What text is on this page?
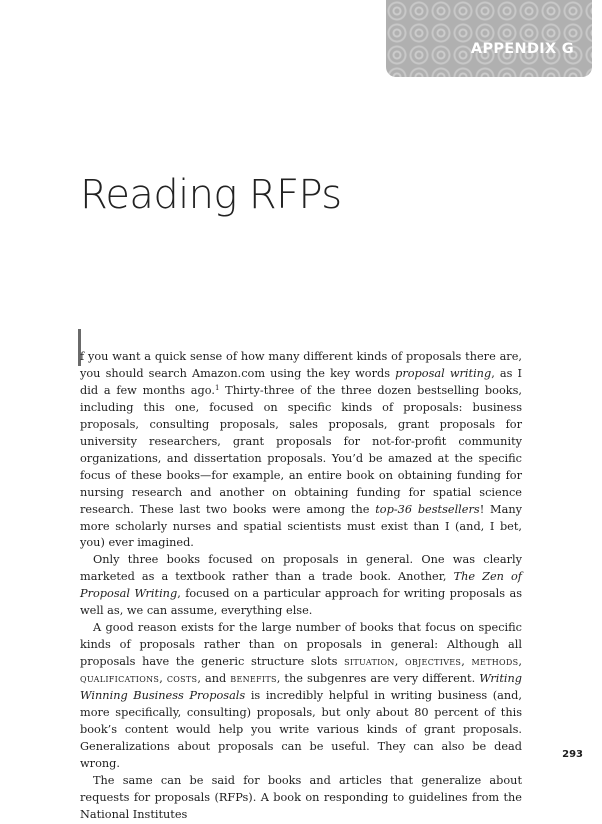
APPENDIX G
Reading RFPs

f you want a quick sense of how many different kinds of proposals there are, you should search Amazon.com using the key words proposal writing, as I did a few months ago.$^1$ Thirty-three of the three dozen bestselling books, including this one, focused on specific kinds of proposals: business proposals, consulting proposals, sales proposals, grant proposals for university researchers, grant proposals for not-for-profit community organizations, and dissertation proposals. You’d be amazed at the specific focus of these books—for example, an entire book on obtaining funding for nursing research and another on obtaining funding for spatial science research. These last two books were among the top-36 bestsellers! Many more scholarly nurses and spatial scientists must exist than I (and, I bet, you) ever imagined.

Only three books focused on proposals in general. One was clearly marketed as a textbook rather than a trade book. Another, The Zen of Proposal Writing, focused on a particular approach for writing proposals as well as, we can assume, everything else.

A good reason exists for the large number of books that focus on specific kinds of proposals rather than on proposals in general: Although all proposals have the generic structure slots situation, objectives, methods, qualifications, costs, and benefits, the subgenres are very different. Writing Winning Business Proposals is incredibly helpful in writing business (and, more specifically, consulting) proposals, but only about 80 percent of this book’s content would help you write various kinds of grant proposals. Generalizations about proposals can be useful. They can also be dead wrong.

The same can be said for books and articles that generalize about requests for proposals (RFPs). A book on responding to guidelines from the National Institutes

293
